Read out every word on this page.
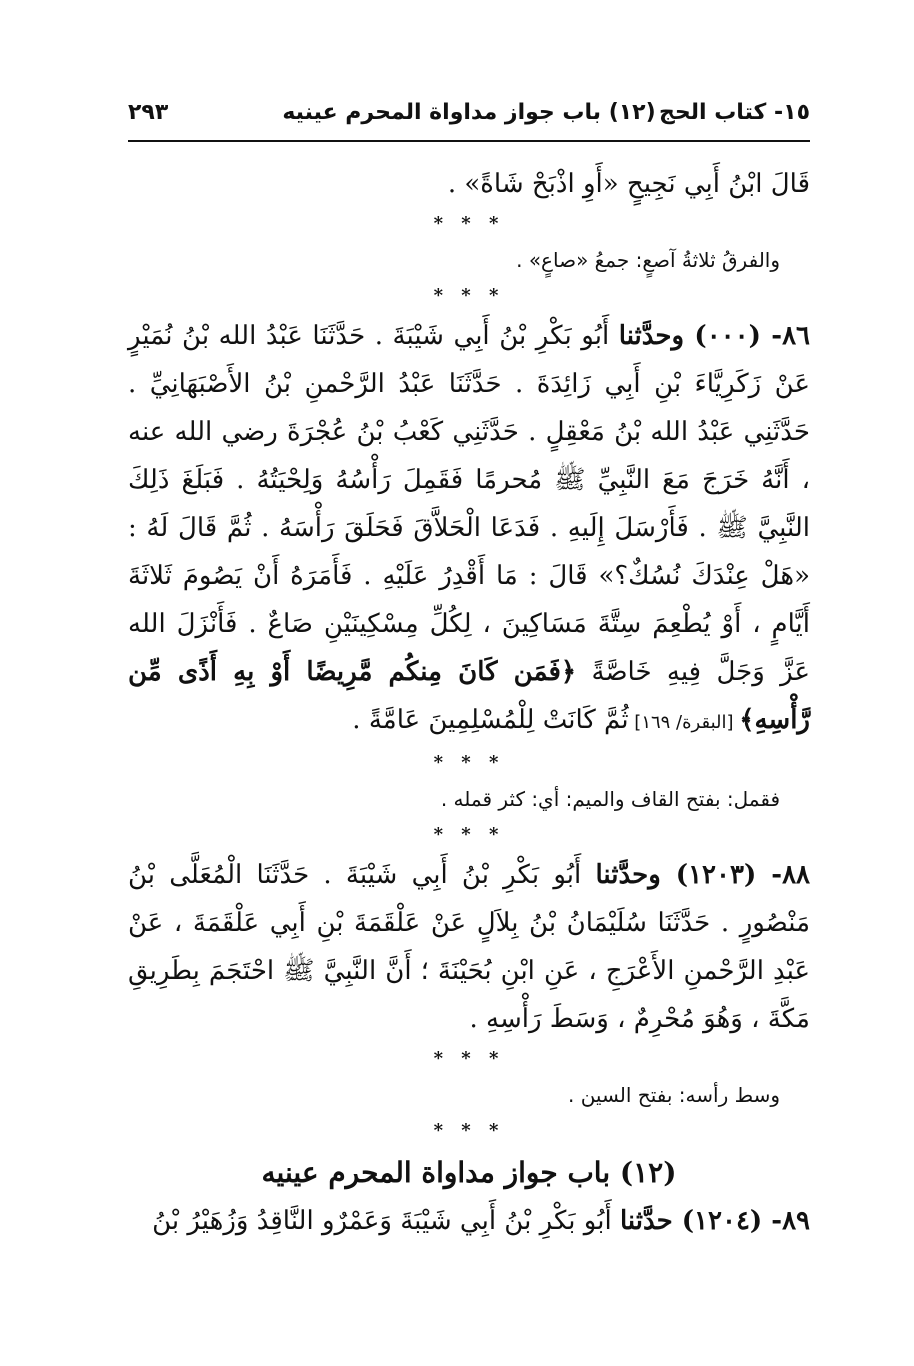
١٥- كتاب الحج
(١٢) باب جواز مداواة المحرم عينيه
٢٩٣

قَالَ ابْنُ أَبِي نَجِيحٍ «أَوِ اذْبَحْ شَاةً» .

* * *

والفرقُ ثلاثةُ آصعٍ: جمعُ «صاعٍ» .

* * *

٨٦- (٠٠٠) وحدَّثنا أَبُو بَكْرِ بْنُ أَبِي شَيْبَةَ . حَدَّثَنَا عَبْدُ الله بْنُ نُمَيْرٍ عَنْ زَكَرِيَّاءَ بْنِ أَبِي زَائِدَةَ . حَدَّثَنَا عَبْدُ الرَّحْمنِ بْنُ الأَصْبَهَانِيِّ . حَدَّثَنِي عَبْدُ الله بْنُ مَعْقِلٍ . حَدَّثَنِي كَعْبُ بْنُ عُجْرَةَ رضي الله عنه ، أَنَّهُ خَرَجَ مَعَ النَّبِيِّ ﷺ مُحرمًا فَقَمِلَ رَأْسُهُ وَلِحْيَتُهُ . فَبَلَغَ ذَلِكَ النَّبِيَّ ﷺ . فَأَرْسَلَ إِلَيهِ . فَدَعَا الْحَلاَّقَ فَحَلَقَ رَأْسَهُ . ثُمَّ قَالَ لَهُ : «هَلْ عِنْدَكَ نُسُكٌ؟» قَالَ : مَا أَقْدِرُ عَلَيْهِ . فَأَمَرَهُ أَنْ يَصُومَ ثَلاثَةَ أَيَّامٍ ، أَوْ يُطْعِمَ سِتَّةَ مَسَاكِينَ ، لِكُلِّ مِسْكِينَيْنِ صَاعٌ . فَأَنْزَلَ الله عَزَّ وَجَلَّ فِيهِ خَاصَّةً ﴿فَمَن كَانَ مِنكُم مَّرِيضًا أَوْ بِهِ أَذًى مِّن رَّأْسِهِ﴾ [البقرة/ ١٦٩] ثُمَّ كَانَتْ لِلْمُسْلِمِينَ عَامَّةً .

* * *

فقمل: بفتح القاف والميم: أي: كثر قمله .

* * *

٨٨- (١٢٠٣) وحدَّثنا أَبُو بَكْرِ بْنُ أَبِي شَيْبَةَ . حَدَّثَنَا الْمُعَلَّى بْنُ مَنْصُورٍ . حَدَّثَنَا سُلَيْمَانُ بْنُ بِلاَلٍ عَنْ عَلْقَمَةَ بْنِ أَبِي عَلْقَمَةَ ، عَنْ عَبْدِ الرَّحْمنِ الأَعْرَجِ ، عَنِ ابْنِ بُحَيْنَةَ ؛ أَنَّ النَّبِيَّ ﷺ احْتَجَمَ بِطَرِيقِ مَكَّةَ ، وَهُوَ مُحْرِمٌ ، وَسَطَ رَأْسِهِ .

* * *

وسط رأسه: بفتح السين .

* * *
(١٢) باب جواز مداواة المحرم عينيه

٨٩- (١٢٠٤) حدَّثنا أَبُو بَكْرِ بْنُ أَبِي شَيْبَةَ وَعَمْرٌو النَّاقِدُ وَزُهَيْرُ بْنُ
